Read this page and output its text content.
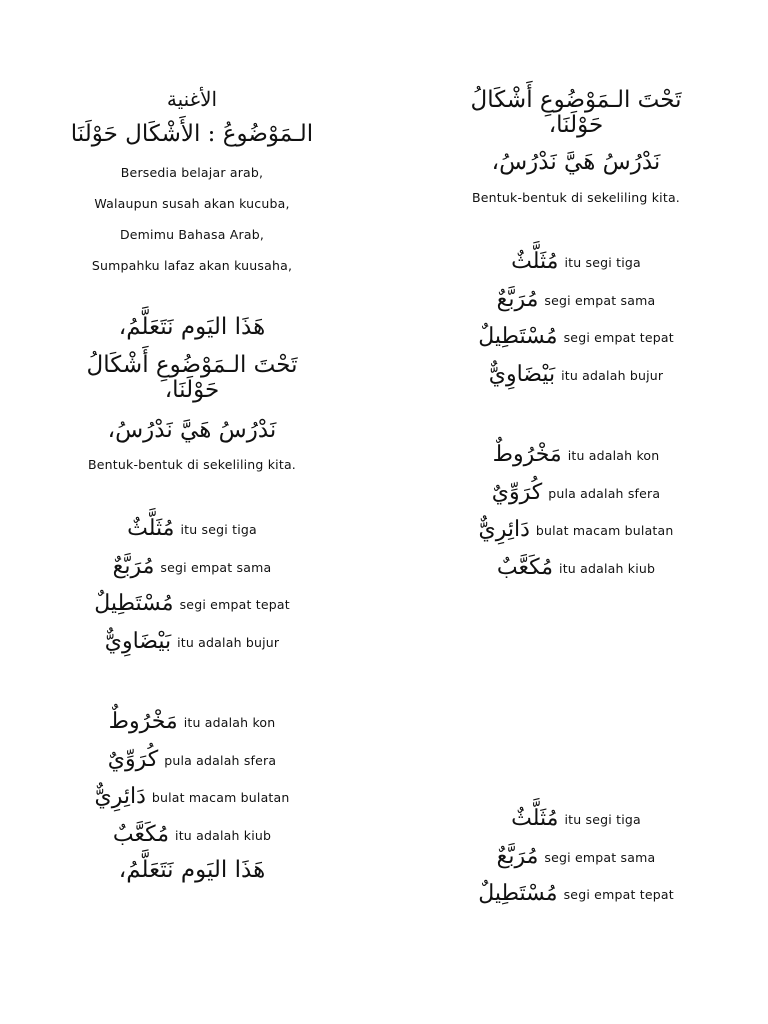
الأغنية
الـمَوْضُوعُ : الأَشْكَال حَوْلَنَا
Bersedia belajar arab,
Walaupun susah akan kucuba,
Demimu Bahasa Arab,
Sumpahku lafaz akan kuusaha,
هَذَا اليَوم نَتَعَلَّمُ،
تَحْتَ الـمَوْضُوعِ أَشْكَالُ
حَوْلَنَا،
نَدْرُسُ هَيَّ نَدْرُسُ،
Bentuk-bentuk di sekeliling kita.
مُثَلَّثٌ itu segi tiga
مُرَبَّعٌ segi empat sama
مُسْتَطِيلٌ segi empat tepat
بَيْضَاوِيٌّ itu adalah bujur
مَخْرُوطٌ itu adalah kon
كُرَوِّيٌ pula adalah sfera
دَائِرِيٌّ bulat macam bulatan
مُكَعَّبٌ itu adalah kiub
هَذَا اليَوم نَتَعَلَّمُ،
تَحْتَ الـمَوْضُوعِ أَشْكَالُ
حَوْلَنَا،
نَدْرُسُ هَيَّ نَدْرُسُ،
Bentuk-bentuk di sekeliling kita.
مُثَلَّثٌ itu segi tiga
مُرَبَّعٌ segi empat sama
مُسْتَطِيلٌ segi empat tepat
بَيْضَاوِيٌّ itu adalah bujur
مَخْرُوطٌ itu adalah kon
كُرَوِّيٌ pula adalah sfera
دَائِرِيٌّ bulat macam bulatan
مُكَعَّبٌ itu adalah kiub
مُثَلَّثٌ itu segi tiga
مُرَبَّعٌ segi empat sama
مُسْتَطِيلٌ segi empat tepat
